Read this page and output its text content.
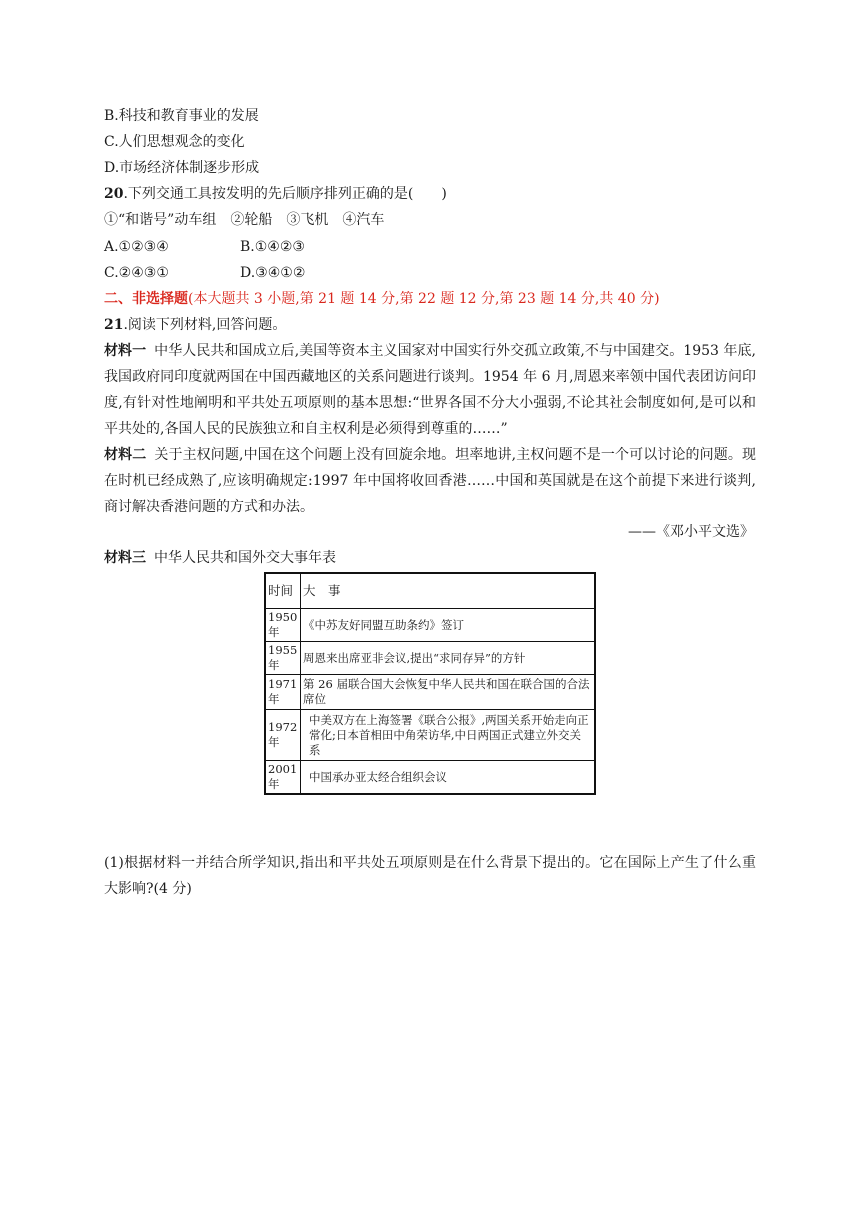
B.科技和教育事业的发展
C.人们思想观念的变化
D.市场经济体制逐步形成
20.下列交通工具按发明的先后顺序排列正确的是(　　)
①“和谐号”动车组　②轮船　③飞机　④汽车
A.①②③④	B.①④②③
C.②④③①	D.③④①②
二、非选择题(本大题共 3 小题,第 21 题 14 分,第 22 题 12 分,第 23 题 14 分,共 40 分)
21.阅读下列材料,回答问题。
材料一 中华人民共和国成立后,美国等资本主义国家对中国实行外交孤立政策,不与中国建交。1953 年底,我国政府同印度就两国在中国西藏地区的关系问题进行谈判。1954 年 6 月,周恩来率领中国代表团访问印度,有针对性地阐明和平共处五项原则的基本思想:“世界各国不分大小强弱,不论其社会制度如何,是可以和平共处的,各国人民的民族独立和自主权利是必须得到尊重的……”
材料二 关于主权问题,中国在这个问题上没有回旋余地。坦率地讲,主权问题不是一个可以讨论的问题。现在时机已经成熟了,应该明确规定:1997 年中国将收回香港……中国和英国就是在这个前提下来进行谈判,商讨解决香港问题的方式和办法。
——《邓小平文选》
材料三 中华人民共和国外交大事年表
时间	大　事
1950年	《中苏友好同盟互助条约》签订
1955年	周恩来出席亚非会议,提出“求同存异”的方针
1971年	第 26 届联合国大会恢复中华人民共和国在联合国的合法席位
1972年	中美双方在上海签署《联合公报》,两国关系开始走向正常化;日本首相田中角荣访华,中日两国正式建立外交关系
2001年	中国承办亚太经合组织会议
(1)根据材料一并结合所学知识,指出和平共处五项原则是在什么背景下提出的。它在国际上产生了什么重大影响?(4 分)
